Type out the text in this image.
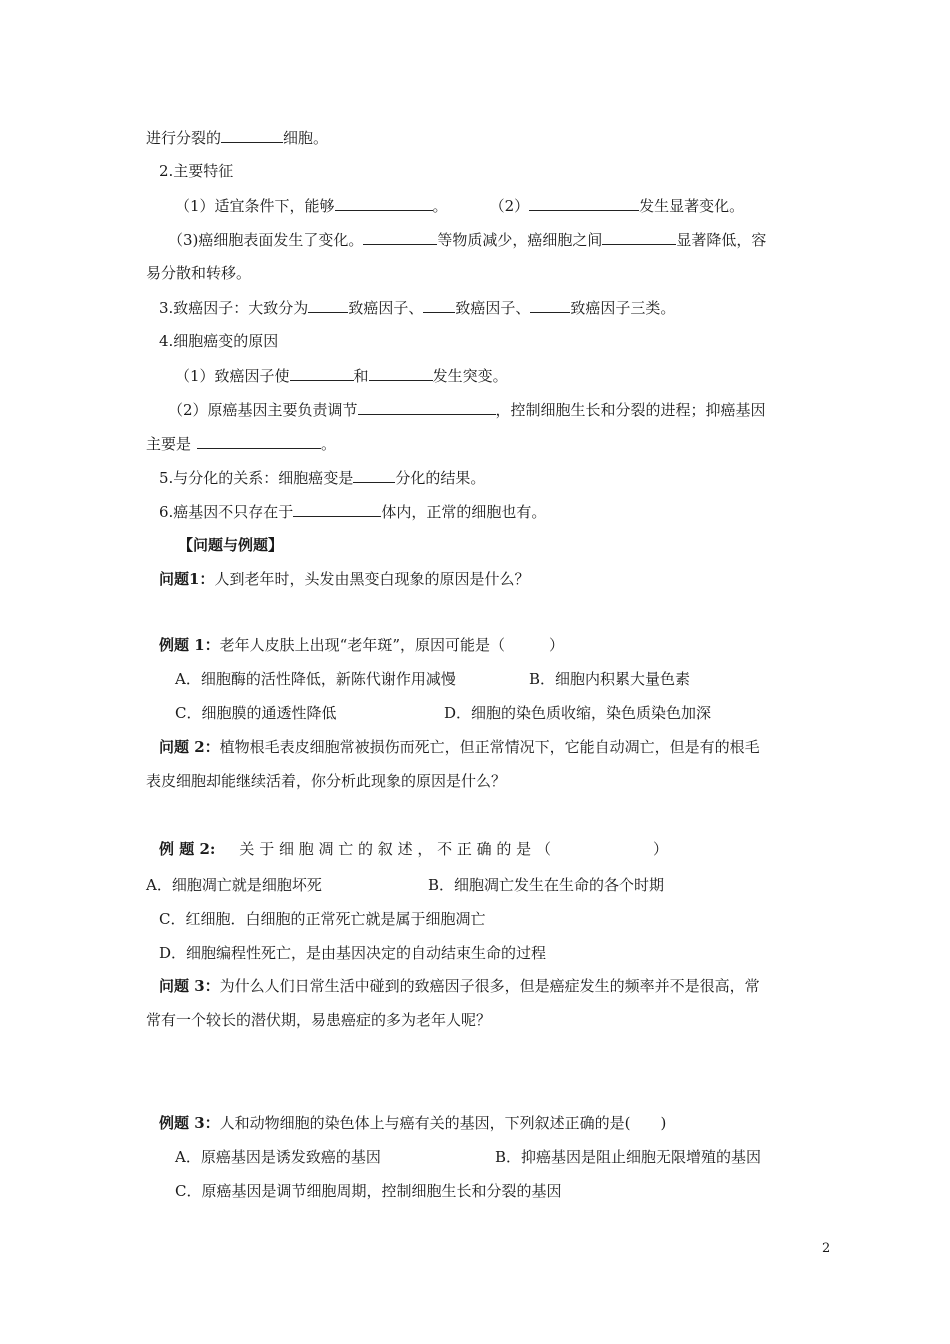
进行分裂的	细胞。
2.主要特征
（1）适宜条件下，能够	。	（2）	发生显著变化。
（3)癌细胞表面发生了变化。	等物质减少，癌细胞之间	显著降低，容
易分散和转移。
3.致癌因子：大致分为	致癌因子、 致癌因子、	致癌因子三类。
4.细胞癌变的原因
（1）致癌因子使	和	发生突变。
（2）原癌基因主要负责调节	，控制细胞生长和分裂的进程；抑癌基因
主要是	。
5.与分化的关系：细胞癌变是	分化的结果。
6.癌基因不只存在于	体内，正常的细胞也有。
【问题与例题】
问题1：人到老年时，头发由黑变白现象的原因是什么？
例题 1：老年人皮肤上出现“老年斑”，原因可能是（	）
A．细胞酶的活性降低，新陈代谢作用减慢	B．细胞内积累大量色素
C．细胞膜的通透性降低	D．细胞的染色质收缩，染色质染色加深
问题 2：植物根毛表皮细胞常被损伤而死亡，但正常情况下，它能自动凋亡，但是有的根毛
表皮细胞却能继续活着，你分析此现象的原因是什么？
例 题 2: 关 于 细 胞 凋 亡 的 叙 述 ， 不 正 确 的 是 （	）
A．细胞凋亡就是细胞坏死	B．细胞凋亡发生在生命的各个时期
C．红细胞．白细胞的正常死亡就是属于细胞凋亡
D．细胞编程性死亡，是由基因决定的自动结束生命的过程
问题 3：为什么人们日常生活中碰到的致癌因子很多，但是癌症发生的频率并不是很高，常
常有一个较长的潜伏期，易患癌症的多为老年人呢？
例题 3：人和动物细胞的染色体上与癌有关的基因，下列叙述正确的是( )
A．原癌基因是诱发致癌的基因	B．抑癌基因是阻止细胞无限增殖的基因
C．原癌基因是调节细胞周期，控制细胞生长和分裂的基因
2
